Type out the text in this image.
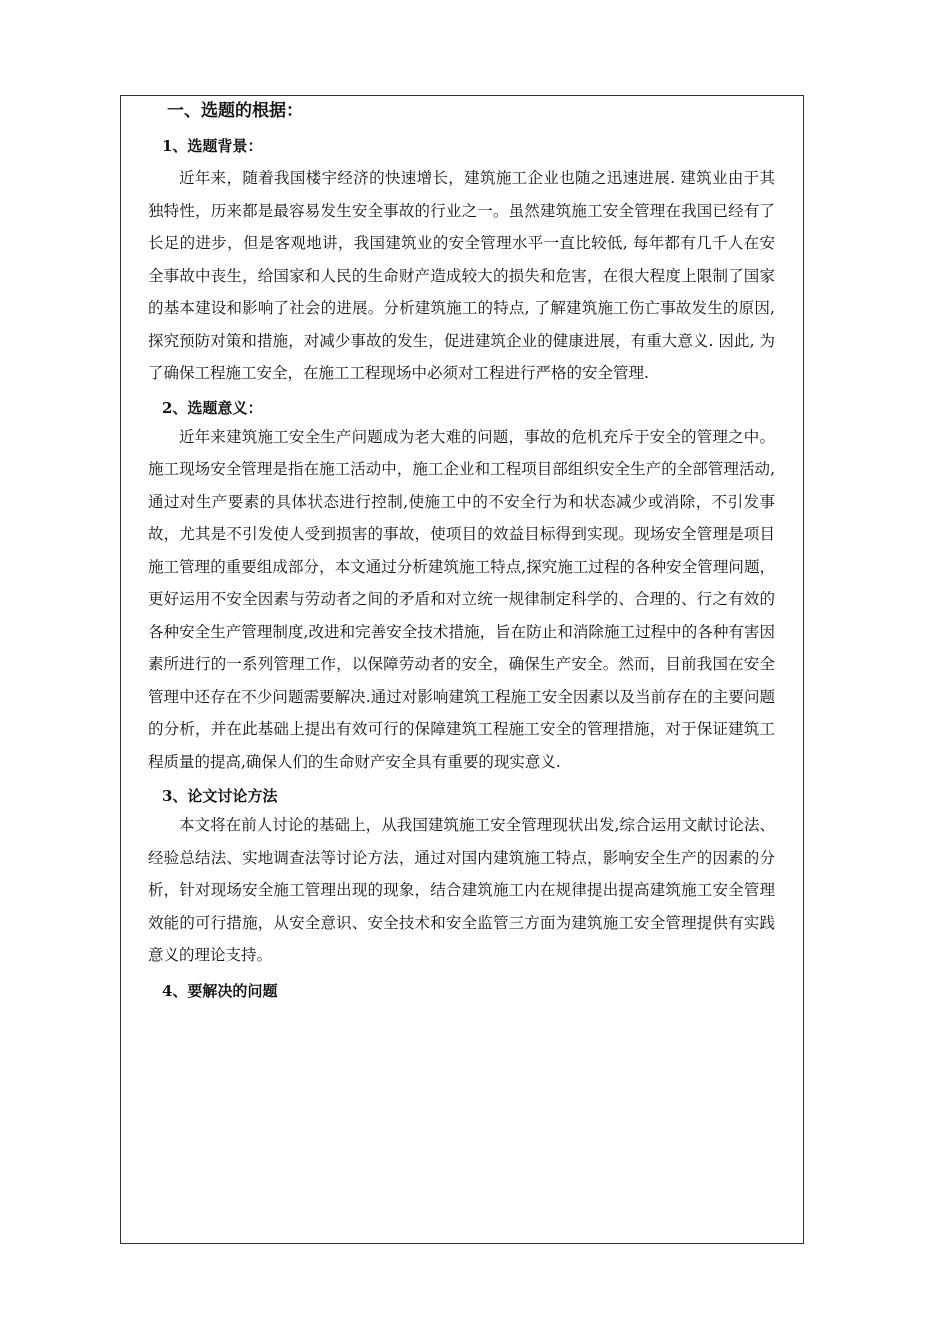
一、选题的根据：
1、选题背景：

近年来，随着我国楼宇经济的快速增长，建筑施工企业也随之迅速进展. 建筑业由于其独特性，历来都是最容易发生安全事故的行业之一。虽然建筑施工安全管理在我国已经有了长足的进步，但是客观地讲，我国建筑业的安全管理水平一直比较低, 每年都有几千人在安全事故中丧生，给国家和人民的生命财产造成较大的损失和危害，在很大程度上限制了国家的基本建设和影响了社会的进展。分析建筑施工的特点, 了解建筑施工伤亡事故发生的原因, 探究预防对策和措施，对减少事故的发生，促进建筑企业的健康进展，有重大意义. 因此, 为了确保工程施工安全，在施工工程现场中必须对工程进行严格的安全管理.

2、选题意义：

近年来建筑施工安全生产问题成为老大难的问题，事故的危机充斥于安全的管理之中。施工现场安全管理是指在施工活动中，施工企业和工程项目部组织安全生产的全部管理活动,通过对生产要素的具体状态进行控制,使施工中的不安全行为和状态减少或消除，不引发事故，尤其是不引发使人受到损害的事故，使项目的效益目标得到实现。现场安全管理是项目施工管理的重要组成部分，本文通过分析建筑施工特点,探究施工过程的各种安全管理问题，更好运用不安全因素与劳动者之间的矛盾和对立统一规律制定科学的、合理的、行之有效的各种安全生产管理制度,改进和完善安全技术措施，旨在防止和消除施工过程中的各种有害因素所进行的一系列管理工作，以保障劳动者的安全，确保生产安全。然而，目前我国在安全管理中还存在不少问题需要解决.通过对影响建筑工程施工安全因素以及当前存在的主要问题的分析，并在此基础上提出有效可行的保障建筑工程施工安全的管理措施，对于保证建筑工程质量的提高,确保人们的生命财产安全具有重要的现实意义.

3、论文讨论方法

本文将在前人讨论的基础上，从我国建筑施工安全管理现状出发,综合运用文献讨论法、经验总结法、实地调查法等讨论方法，通过对国内建筑施工特点，影响安全生产的因素的分析，针对现场安全施工管理出现的现象，结合建筑施工内在规律提出提高建筑施工安全管理效能的可行措施，从安全意识、安全技术和安全监管三方面为建筑施工安全管理提供有实践意义的理论支持。

4、要解决的问题
